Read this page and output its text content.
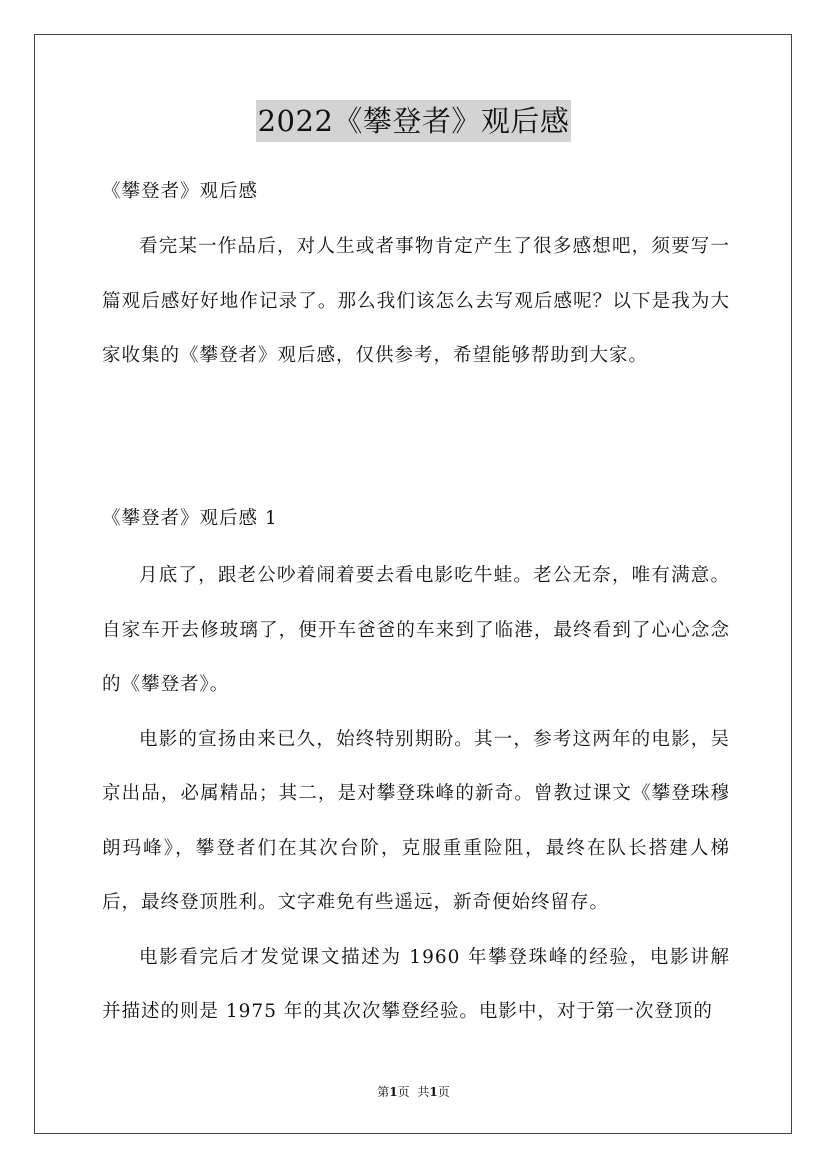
2022《攀登者》观后感
《攀登者》观后感

看完某一作品后，对人生或者事物肯定产生了很多感想吧，须要写一篇观后感好好地作记录了。那么我们该怎么去写观后感呢？以下是我为大家收集的《攀登者》观后感，仅供参考，希望能够帮助到大家。

《攀登者》观后感 1

月底了，跟老公吵着闹着要去看电影吃牛蛙。老公无奈，唯有满意。自家车开去修玻璃了，便开车爸爸的车来到了临港，最终看到了心心念念的《攀登者》。

电影的宣扬由来已久，始终特别期盼。其一，参考这两年的电影，吴京出品，必属精品；其二，是对攀登珠峰的新奇。曾教过课文《攀登珠穆朗玛峰》，攀登者们在其次台阶，克服重重险阻，最终在队长搭建人梯后，最终登顶胜利。文字难免有些遥远，新奇便始终留存。

电影看完后才发觉课文描述为 1960 年攀登珠峰的经验，电影讲解并描述的则是 1975 年的其次次攀登经验。电影中，对于第一次登顶的

第1页 共1页
